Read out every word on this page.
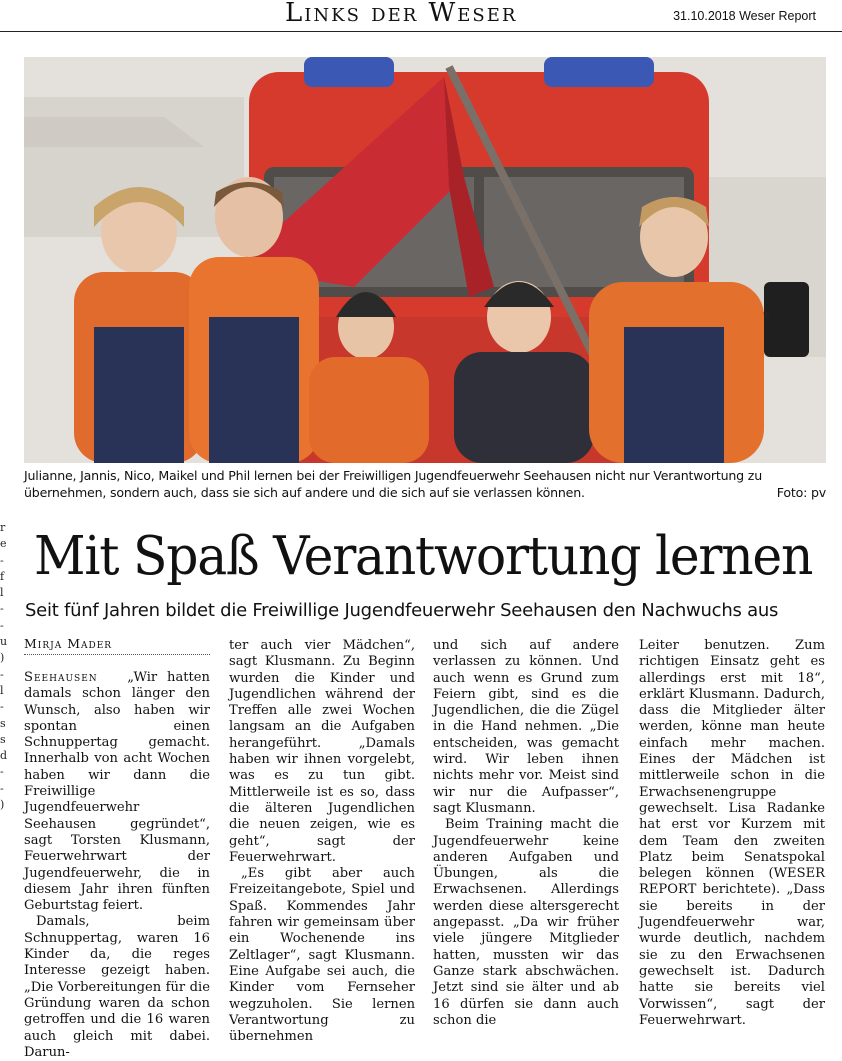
Links der Weser	31.10.2018 Weser Report
Julianne, Jannis, Nico, Maikel und Phil lernen bei der Freiwilligen Jugendfeuerwehr Seehausen nicht nur Verantwortung zu übernehmen, sondern auch, dass sie sich auf andere und die sich auf sie verlassen können.	Foto: pv
Mit Spaß Verantwortung lernen
Seit fünf Jahren bildet die Freiwillige Jugendfeuerwehr Seehausen den Nachwuchs aus
Mirja Mader

Seehausen „Wir hatten damals schon länger den Wunsch, also haben wir spontan einen Schnuppertag gemacht. Innerhalb von acht Wochen haben wir dann die Freiwillige Jugendfeuerwehr Seehausen gegründet“, sagt Torsten Klusmann, Feuerwehrwart der Jugendfeuerwehr, die in diesem Jahr ihren fünften Geburtstag feiert.

Damals, beim Schnuppertag, waren 16 Kinder da, die reges Interesse gezeigt haben. „Die Vorbereitungen für die Gründung waren da schon getroffen und die 16 waren auch gleich mit dabei. Darun-

ter auch vier Mädchen“, sagt Klusmann. Zu Beginn wurden die Kinder und Jugendlichen während der Treffen alle zwei Wochen langsam an die Aufgaben herangeführt. „Damals haben wir ihnen vorgelebt, was es zu tun gibt. Mittlerweile ist es so, dass die älteren Jugendlichen die neuen zeigen, wie es geht“, sagt der Feuerwehrwart.

„Es gibt aber auch Freizeitangebote, Spiel und Spaß. Kommendes Jahr fahren wir gemeinsam über ein Wochenende ins Zeltlager“, sagt Klusmann. Eine Aufgabe sei auch, die Kinder vom Fernseher wegzuholen. Sie lernen Verantwortung zu übernehmen

und sich auf andere verlassen zu können. Und auch wenn es Grund zum Feiern gibt, sind es die Jugendlichen, die die Zügel in die Hand nehmen. „Die entscheiden, was gemacht wird. Wir leben ihnen nichts mehr vor. Meist sind wir nur die Aufpasser“, sagt Klusmann.

Beim Training macht die Jugendfeuerwehr keine anderen Aufgaben und Übungen, als die Erwachsenen. Allerdings werden diese altersgerecht angepasst. „Da wir früher viele jüngere Mitglieder hatten, mussten wir das Ganze stark abschwächen. Jetzt sind sie älter und ab 16 dürfen sie dann auch schon die

Leiter benutzen. Zum richtigen Einsatz geht es allerdings erst mit 18“, erklärt Klusmann. Dadurch, dass die Mitglieder älter werden, könne man heute einfach mehr machen. Eines der Mädchen ist mittlerweile schon in die Erwachsenengruppe gewechselt. Lisa Radanke hat erst vor Kurzem mit dem Team den zweiten Platz beim Senatspokal belegen können (WESER REPORT berichtete). „Dass sie bereits in der Jugendfeuerwehr war, wurde deutlich, nachdem sie zu den Erwachsenen gewechselt ist. Dadurch hatte sie bereits viel Vorwissen“, sagt der Feuerwehrwart.

r
e
-
f
l
-
-
u
)
-
l
-
s
s
d
-
-
)
